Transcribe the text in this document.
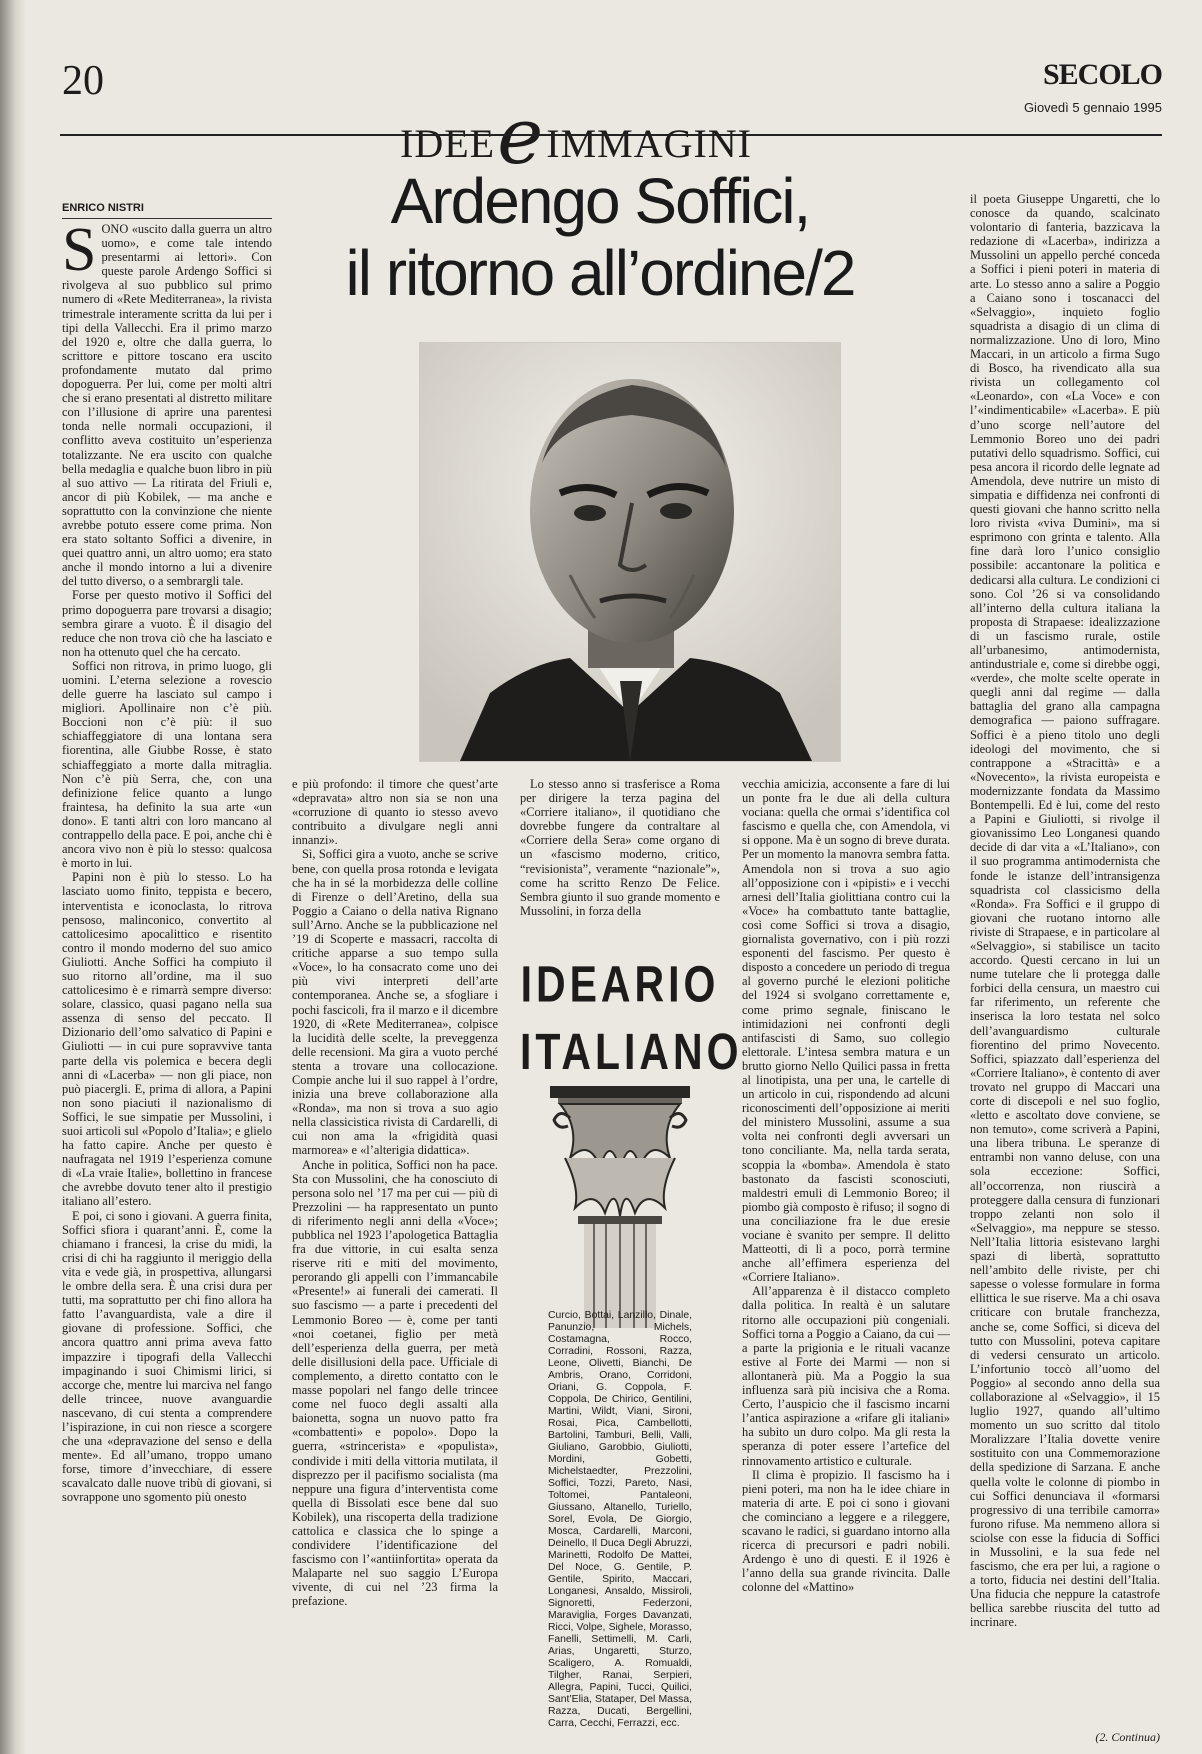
20
IDEEeIMMAGINI
SECOLO
Giovedì 5 gennaio 1995
ENRICO NISTRI	Ardengo Soffici,
il ritorno all’ordine/2

SONO «uscito dalla guerra un altro uomo», e come tale intendo presentarmi ai lettori». Con queste parole Ardengo Soffici si rivolgeva al suo pubblico sul primo numero di «Rete Mediterranea», la rivista trimestrale interamente scritta da lui per i tipi della Vallecchi. Era il primo marzo del 1920 e, oltre che dalla guerra, lo scrittore e pittore toscano era uscito profondamente mutato dal primo dopoguerra. Per lui, come per molti altri che si erano presentati al distretto militare con l’illusione di aprire una parentesi tonda nelle normali occupazioni, il conflitto aveva costituito un’esperienza totalizzante. Ne era uscito con qualche bella medaglia e qualche buon libro in più al suo attivo — La ritirata del Friuli e, ancor di più Kobilek, — ma anche e soprattutto con la convinzione che niente avrebbe potuto essere come prima. Non era stato soltanto Soffici a divenire, in quei quattro anni, un altro uomo; era stato anche il mondo intorno a lui a divenire del tutto diverso, o a sembrargli tale.

Forse per questo motivo il Soffici del primo dopoguerra pare trovarsi a disagio; sembra girare a vuoto. È il disagio del reduce che non trova ciò che ha lasciato e non ha ottenuto quel che ha cercato.

Soffici non ritrova, in primo luogo, gli uomini. L’eterna selezione a rovescio delle guerre ha lasciato sul campo i migliori. Apollinaire non c’è più. Boccioni non c’è più: il suo schiaffeggiatore di una lontana sera fiorentina, alle Giubbe Rosse, è stato schiaffeggiato a morte dalla mitraglia. Non c’è più Serra, che, con una definizione felice quanto a lungo fraintesa, ha definito la sua arte «un dono». E tanti altri con loro mancano al contrappello della pace. E poi, anche chi è ancora vivo non è più lo stesso: qualcosa è morto in lui.

Papini non è più lo stesso. Lo ha lasciato uomo finito, teppista e becero, interventista e iconoclasta, lo ritrova pensoso, malinconico, convertito al cattolicesimo apocalittico e risentito contro il mondo moderno del suo amico Giuliotti. Anche Soffici ha compiuto il suo ritorno all’ordine, ma il suo cattolicesimo è e rimarrà sempre diverso: solare, classico, quasi pagano nella sua assenza di senso del peccato. Il Dizionario dell’omo salvatico di Papini e Giuliotti — in cui pure sopravvive tanta parte della vis polemica e becera degli anni di «Lacerba» — non gli piace, non può piacergli. E, prima di allora, a Papini non sono piaciuti il nazionalismo di Soffici, le sue simpatie per Mussolini, i suoi articoli sul «Popolo d’Italia»; e glielo ha fatto capire. Anche per questo è naufragata nel 1919 l’esperienza comune di «La vraie Italie», bollettino in francese che avrebbe dovuto tener alto il prestigio italiano all’estero.

E poi, ci sono i giovani. A guerra finita, Soffici sfiora i quarant’anni. È, come la chiamano i francesi, la crise du midi, la crisi di chi ha raggiunto il meriggio della vita e vede già, in prospettiva, allungarsi le ombre della sera. È una crisi dura per tutti, ma soprattutto per chi fino allora ha fatto l’avanguardista, vale a dire il giovane di professione. Soffici, che ancora quattro anni prima aveva fatto impazzire i tipografi della Vallecchi impaginando i suoi Chimismi lirici, si accorge che, mentre lui marciva nel fango delle trincee, nuove avanguardie nascevano, di cui stenta a comprendere l’ispirazione, in cui non riesce a scorgere che una «depravazione del senso e della mente». Ed all’umano, troppo umano forse, timore d’invecchiare, di essere scavalcato dalle nuove tribù di giovani, si sovrappone uno sgomento più onesto

e più profondo: il timore che quest’arte «depravata» altro non sia se non una «corruzione di quanto io stesso avevo contribuito a divulgare negli anni innanzi».

Sì, Soffici gira a vuoto, anche se scrive bene, con quella prosa rotonda e levigata che ha in sé la morbidezza delle colline di Firenze o dell’Aretino, della sua Poggio a Caiano o della nativa Rignano sull’Arno. Anche se la pubblicazione nel ’19 di Scoperte e massacri, raccolta di critiche apparse a suo tempo sulla «Voce», lo ha consacrato come uno dei più vivi interpreti dell’arte contemporanea. Anche se, a sfogliare i pochi fascicoli, fra il marzo e il dicembre 1920, di «Rete Mediterranea», colpisce la lucidità delle scelte, la preveggenza delle recensioni. Ma gira a vuoto perché stenta a trovare una collocazione. Compie anche lui il suo rappel à l’ordre, inizia una breve collaborazione alla «Ronda», ma non si trova a suo agio nella classicistica rivista di Cardarelli, di cui non ama la «frigidità quasi marmorea» e «l’alterigia didattica».

Anche in politica, Soffici non ha pace. Sta con Mussolini, che ha conosciuto di persona solo nel ’17 ma per cui — più di Prezzolini — ha rappresentato un punto di riferimento negli anni della «Voce»; pubblica nel 1923 l’apologetica Battaglia fra due vittorie, in cui esalta senza riserve riti e miti del movimento, perorando gli appelli con l’immancabile «Presente!» ai funerali dei camerati. Il suo fascismo — a parte i precedenti del Lemmonio Boreo — è, come per tanti «noi coetanei, figlio per metà dell’esperienza della guerra, per metà delle disillusioni della pace. Ufficiale di complemento, a diretto contatto con le masse popolari nel fango delle trincee come nel fuoco degli assalti alla baionetta, sogna un nuovo patto fra «combattenti» e popolo». Dopo la guerra, «strincerista» e «populista», condivide i miti della vittoria mutilata, il disprezzo per il pacifismo socialista (ma neppure una figura d’interventista come quella di Bissolati esce bene dal suo Kobilek), una riscoperta della tradizione cattolica e classica che lo spinge a condividere l’identificazione del fascismo con l’«antiinfortita» operata da Malaparte nel suo saggio L’Europa vivente, di cui nel ’23 firma la prefazione.

Lo stesso anno si trasferisce a Roma per dirigere la terza pagina del «Corriere italiano», il quotidiano che dovrebbe fungere da contraltare al «Corriere della Sera» come organo di un «fascismo moderno, critico, “revisionista”, veramente “nazionale”», come ha scritto Renzo De Felice. Sembra giunto il suo grande momento e Mussolini, in forza della

IDEARIO
ITALIANO
Curcio, Bottai, Lanzillo, Dinale, Panunzio, Michels, Costamagna, Rocco, Corradini, Rossoni, Razza, Leone, Olivetti, Bianchi, De Ambris, Orano, Corridoni, Oriani, G. Coppola, F. Coppola, De Chirico, Gentilini, Martini, Wildt, Viani, Sironi, Rosai, Pica, Cambellotti, Bartolini, Tamburi, Belli, Valli, Giuliano, Garobbio, Giuliotti, Mordini, Gobetti, Michelstaedter, Prezzolini, Soffici, Tozzi, Pareto, Nasi, Toltomei, Pantaleoni, Giussano, Altanello, Turiello, Sorel, Evola, De Giorgio, Mosca, Cardarelli, Marconi, Deinello, Il Duca Degli Abruzzi, Marinetti, Rodolfo De Mattei, Del Noce, G. Gentile, P. Gentile, Spirito, Maccari, Longanesi, Ansaldo, Missiroli, Signoretti, Federzoni, Maraviglia, Forges Davanzati, Ricci, Volpe, Sighele, Morasso, Fanelli, Settimelli, M. Carli, Arias, Ungaretti, Sturzo, Scaligero, A. Romualdi, Tilgher, Ranai, Serpieri, Allegra, Papini, Tucci, Quilici, Sant’Elia, Stataper, Del Massa, Razza, Ducati, Bergellini, Carra, Cecchi, Ferrazzi, ecc.

vecchia amicizia, acconsente a fare di lui un ponte fra le due ali della cultura vociana: quella che ormai s’identifica col fascismo e quella che, con Amendola, vi si oppone. Ma è un sogno di breve durata. Per un momento la manovra sembra fatta. Amendola non si trova a suo agio all’opposizione con i «pipisti» e i vecchi arnesi dell’Italia giolittiana contro cui la «Voce» ha combattuto tante battaglie, così come Soffici si trova a disagio, giornalista governativo, con i più rozzi esponenti del fascismo. Per questo è disposto a concedere un periodo di tregua al governo purché le elezioni politiche del 1924 si svolgano correttamente e, come primo segnale, finiscano le intimidazioni nei confronti degli antifascisti di Samo, suo collegio elettorale. L’intesa sembra matura e un brutto giorno Nello Quilici passa in fretta al linotipista, una per una, le cartelle di un articolo in cui, rispondendo ad alcuni riconoscimenti dell’opposizione ai meriti del ministero Mussolini, assume a sua volta nei confronti degli avversari un tono conciliante. Ma, nella tarda serata, scoppia la «bomba». Amendola è stato bastonato da fascisti sconosciuti, maldestri emuli di Lemmonio Boreo; il piombo già composto è rifuso; il sogno di una conciliazione fra le due eresie vociane è svanito per sempre. Il delitto Matteotti, di lì a poco, porrà termine anche all’effimera esperienza del «Corriere Italiano».

All’apparenza è il distacco completo dalla politica. In realtà è un salutare ritorno alle occupazioni più congeniali. Soffici torna a Poggio a Caiano, da cui — a parte la prigionia e le rituali vacanze estive al Forte dei Marmi — non si allontanerà più. Ma a Poggio la sua influenza sarà più incisiva che a Roma. Certo, l’auspicio che il fascismo incarni l’antica aspirazione a «rifare gli italiani» ha subito un duro colpo. Ma gli resta la speranza di poter essere l’artefice del rinnovamento artistico e culturale.

Il clima è propizio. Il fascismo ha i pieni poteri, ma non ha le idee chiare in materia di arte. E poi ci sono i giovani che cominciano a leggere e a rileggere, scavano le radici, si guardano intorno alla ricerca di precursori e padri nobili. Ardengo è uno di questi. E il 1926 è l’anno della sua grande rivincita. Dalle colonne del «Mattino»

il poeta Giuseppe Ungaretti, che lo conosce da quando, scalcinato volontario di fanteria, bazzicava la redazione di «Lacerba», indirizza a Mussolini un appello perché conceda a Soffici i pieni poteri in materia di arte. Lo stesso anno a salire a Poggio a Caiano sono i toscanacci del «Selvaggio», inquieto foglio squadrista a disagio di un clima di normalizzazione. Uno di loro, Mino Maccari, in un articolo a firma Sugo di Bosco, ha rivendicato alla sua rivista un collegamento col «Leonardo», con «La Voce» e con l’«indimenticabile» «Lacerba». E più d’uno scorge nell’autore del Lemmonio Boreo uno dei padri putativi dello squadrismo. Soffici, cui pesa ancora il ricordo delle legnate ad Amendola, deve nutrire un misto di simpatia e diffidenza nei confronti di questi giovani che hanno scritto nella loro rivista «viva Dumini», ma si esprimono con grinta e talento. Alla fine darà loro l’unico consiglio possibile: accantonare la politica e dedicarsi alla cultura. Le condizioni ci sono. Col ’26 si va consolidando all’interno della cultura italiana la proposta di Strapaese: idealizzazione di un fascismo rurale, ostile all’urbanesimo, antimodernista, antindustriale e, come si direbbe oggi, «verde», che molte scelte operate in quegli anni dal regime — dalla battaglia del grano alla campagna demografica — paiono suffragare. Soffici è a pieno titolo uno degli ideologi del movimento, che si contrappone a «Stracittà» e a «Novecento», la rivista europeista e modernizzante fondata da Massimo Bontempelli. Ed è lui, come del resto a Papini e Giuliotti, si rivolge il giovanissimo Leo Longanesi quando decide di dar vita a «L’Italiano», con il suo programma antimodernista che fonde le istanze dell’intransigenza squadrista col classicismo della «Ronda». Fra Soffici e il gruppo di giovani che ruotano intorno alle riviste di Strapaese, e in particolare al «Selvaggio», si stabilisce un tacito accordo. Questi cercano in lui un nume tutelare che li protegga dalle forbici della censura, un maestro cui far riferimento, un referente che inserisca la loro testata nel solco dell’avanguardismo culturale fiorentino del primo Novecento. Soffici, spiazzato dall’esperienza del «Corriere Italiano», è contento di aver trovato nel gruppo di Maccari una corte di discepoli e nel suo foglio, «letto e ascoltato dove conviene, se non temuto», come scriverà a Papini, una libera tribuna. Le speranze di entrambi non vanno deluse, con una sola eccezione: Soffici, all’occorrenza, non riuscirà a proteggere dalla censura di funzionari troppo zelanti non solo il «Selvaggio», ma neppure se stesso. Nell’Italia littoria esistevano larghi spazi di libertà, soprattutto nell’ambito delle riviste, per chi sapesse o volesse formulare in forma ellittica le sue riserve. Ma a chi osava criticare con brutale franchezza, anche se, come Soffici, si diceva del tutto con Mussolini, poteva capitare di vedersi censurato un articolo. L’infortunio toccò all’uomo del Poggio» al secondo anno della sua collaborazione al «Selvaggio», il 15 luglio 1927, quando all’ultimo momento un suo scritto dal titolo Moralizzare l’Italia dovette venire sostituito con una Commemorazione della spedizione di Sarzana. E anche quella volte le colonne di piombo in cui Soffici denunciava il «formarsi progressivo di una terribile camorra» furono rifuse. Ma nemmeno allora si sciolse con esse la fiducia di Soffici in Mussolini, e la sua fede nel fascismo, che era per lui, a ragione o a torto, fiducia nei destini dell’Italia. Una fiducia che neppure la catastrofe bellica sarebbe riuscita del tutto ad incrinare.

(2. Continua)
